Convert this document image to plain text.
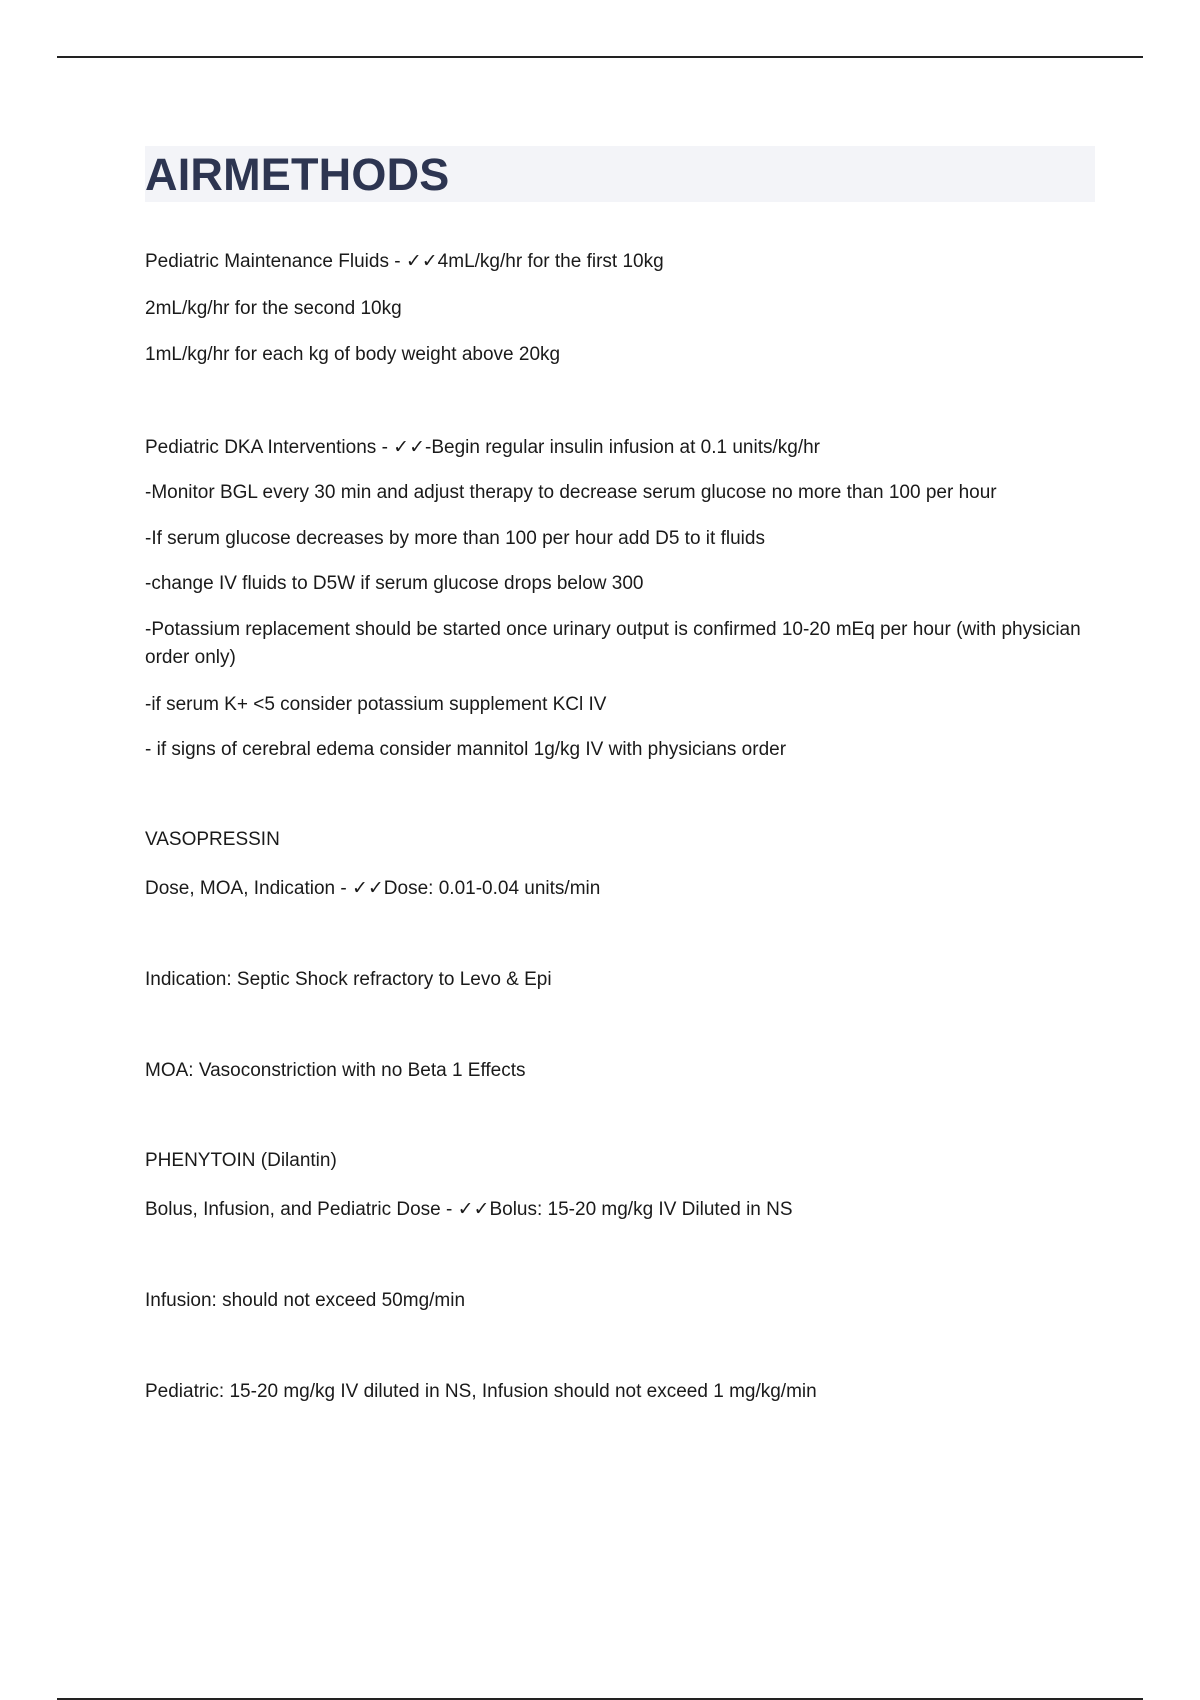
AIRMETHODS

Pediatric Maintenance Fluids - ✓✓4mL/kg/hr for the first 10kg

2mL/kg/hr for the second 10kg

1mL/kg/hr for each kg of body weight above 20kg

Pediatric DKA Interventions - ✓✓-Begin regular insulin infusion at 0.1 units/kg/hr

-Monitor BGL every 30 min and adjust therapy to decrease serum glucose no more than 100 per hour

-If serum glucose decreases by more than 100 per hour add D5 to it fluids

-change IV fluids to D5W if serum glucose drops below 300

-Potassium replacement should be started once urinary output is confirmed 10-20 mEq per hour (with physician order only)

-if serum K+ <5 consider potassium supplement KCl IV

- if signs of cerebral edema consider mannitol 1g/kg IV with physicians order

VASOPRESSIN

Dose, MOA, Indication - ✓✓Dose: 0.01-0.04 units/min

Indication: Septic Shock refractory to Levo & Epi

MOA: Vasoconstriction with no Beta 1 Effects

PHENYTOIN (Dilantin)

Bolus, Infusion, and Pediatric Dose - ✓✓Bolus: 15-20 mg/kg IV Diluted in NS

Infusion: should not exceed 50mg/min

Pediatric: 15-20 mg/kg IV diluted in NS, Infusion should not exceed 1 mg/kg/min
